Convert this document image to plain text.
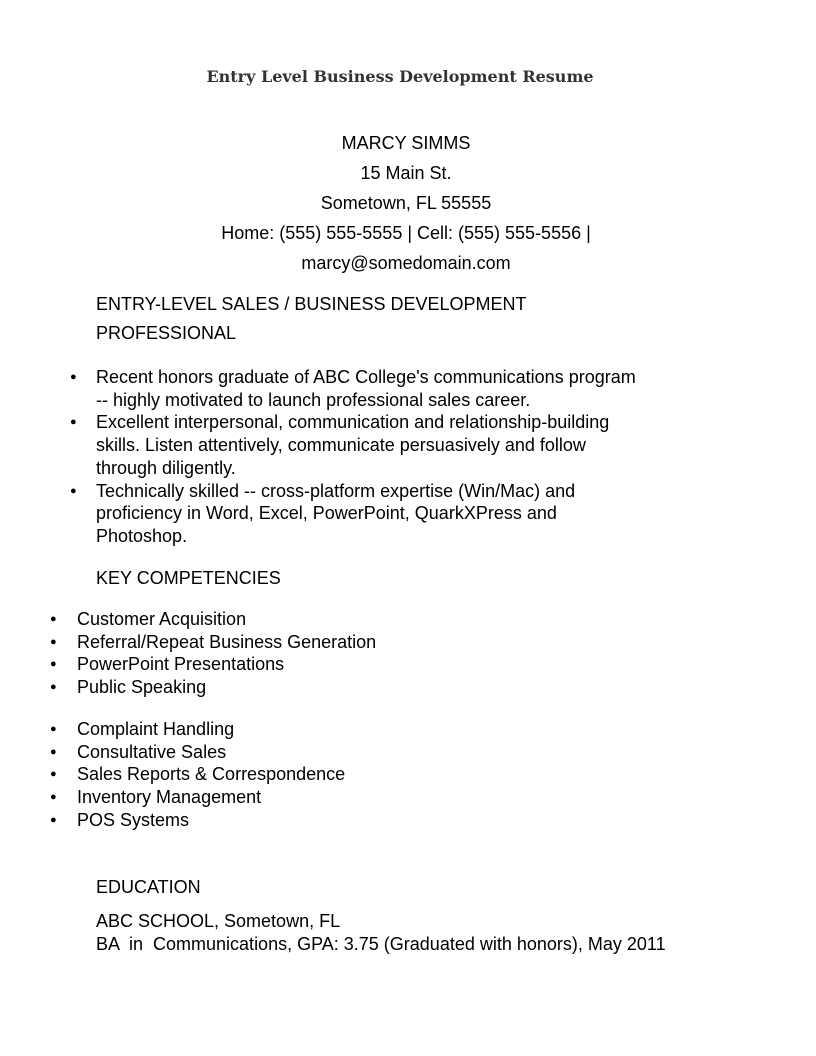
Entry Level Business Development Resume
MARCY SIMMS
15 Main St.
Sometown, FL 55555
Home: (555) 555-5555 | Cell: (555) 555-5556 |
marcy@somedomain.com
ENTRY-LEVEL SALES / BUSINESS DEVELOPMENT
PROFESSIONAL
● Recent honors graduate of ABC College's communications program
-- highly motivated to launch professional sales career.
● Excellent interpersonal, communication and relationship-building
skills. Listen attentively, communicate persuasively and follow
through diligently.
● Technically skilled -- cross-platform expertise (Win/Mac) and
proficiency in Word, Excel, PowerPoint, QuarkXPress and
Photoshop.
KEY COMPETENCIES
● Customer Acquisition
● Referral/Repeat Business Generation
● PowerPoint Presentations
● Public Speaking
● Complaint Handling
● Consultative Sales
● Sales Reports & Correspondence
● Inventory Management
● POS Systems
EDUCATION
ABC SCHOOL, Sometown, FL
BA  in  Communications, GPA: 3.75 (Graduated with honors), May 2011
